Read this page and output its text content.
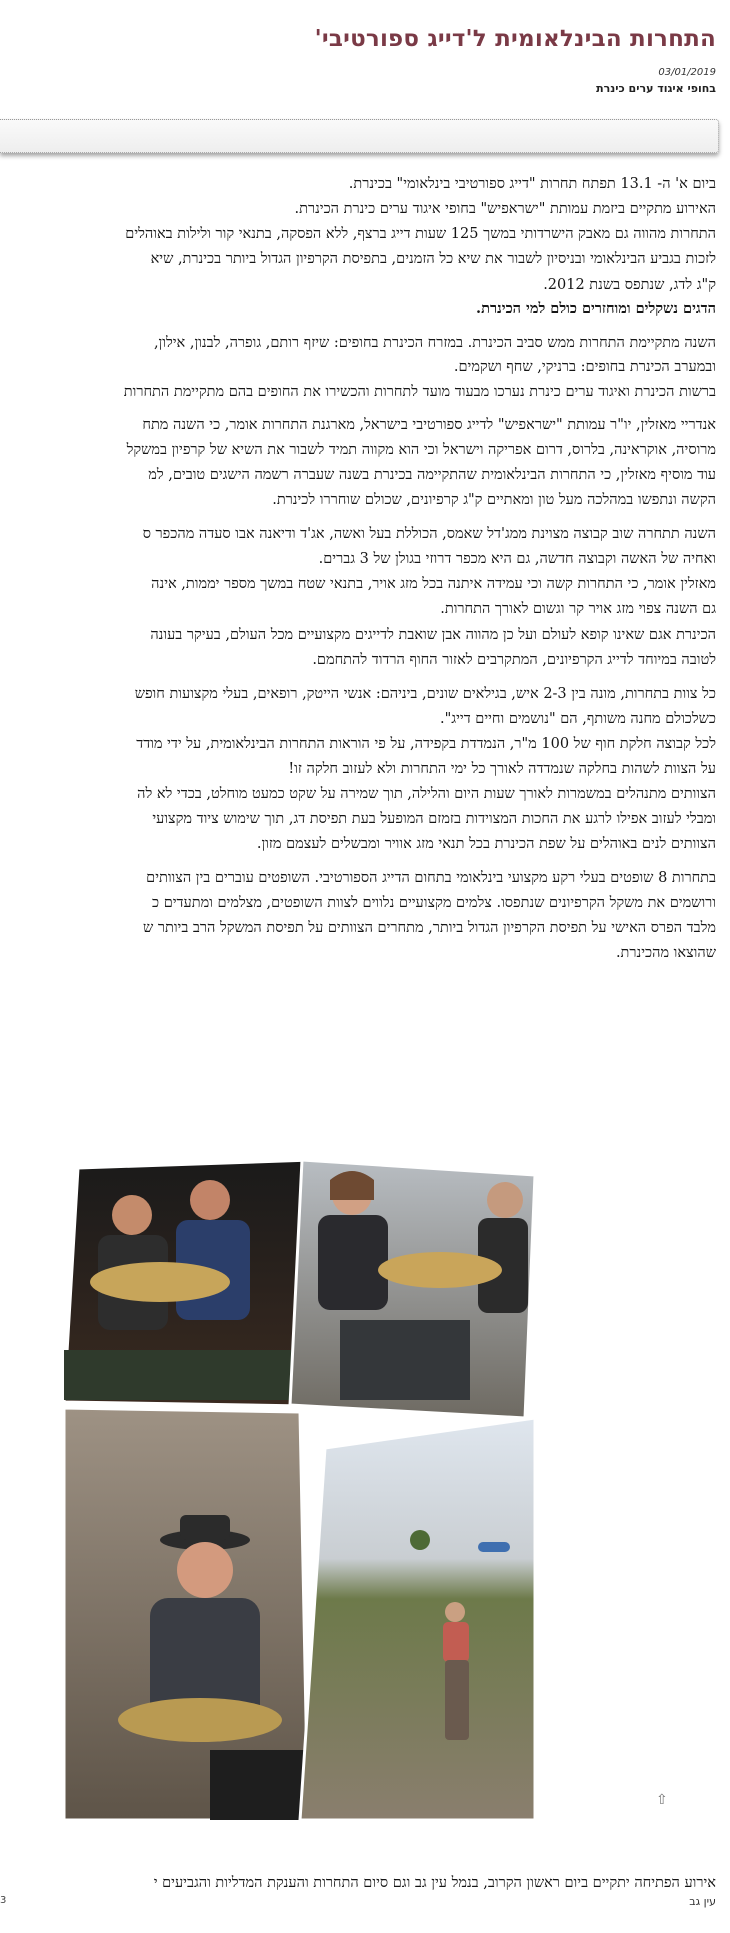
התחרות הבינלאומית ל'דייג ספורטיבי'
03/01/2019
בחופי איגוד ערים כינרת
ביום א' ה- 13.1 תפתח תחרות "דייג ספורטיבי בינלאומי" בכינרת.
האירוע מתקיים ביזמת עמותת "ישראפיש" בחופי איגוד ערים כינרת הכינרת.
התחרות מהווה גם מאבק הישרדותי במשך 125 שעות דייג ברצף, ללא הפסקה, בתנאי קור ולילות באוהלים
לזכות בגביע הבינלאומי ובניסיון לשבור את שיא כל הזמנים, בתפיסת הקרפיון הגדול ביותר בכינרת, שיא
ק"ג לדג, שנתפס בשנת 2012.
הדגים נשקלים ומוחזרים כולם למי הכינרת.
השנה מתקיימת התחרות ממש סביב הכינרת. במזרח הכינרת בחופים: שיזף רותם, גופרה, לבנון, אילון,
ובמערב הכינרת בחופים: ברניקי, שחף ושקמים.
ברשות הכינרת ואיגוד ערים כינרת נערכו מבעוד מועד לתחרות והכשירו את החופים בהם מתקיימת התחרות
אנדריי מאזלין, יו"ר עמותת "ישראפיש" לדייג ספורטיבי בישראל, מארגנת התחרות אומר, כי השנה מתח
מרוסיה, אוקראינה, בלרוס, דרום אפריקה וישראל וכי הוא מקווה תמיד לשבור את השיא של קרפיון במשקל
עוד מוסיף מאזלין, כי התחרות הבינלאומית שהתקיימה בכינרת בשנה שעברה רשמה הישגים טובים, למ
הקשה ונתפשו במהלכה מעל טון ומאתיים ק"ג קרפיונים, שכולם שוחררו לכינרת.
השנה תתחרה שוב קבוצה מצוינת ממג'דל שאמס, הכוללת בעל ואשה, אג'ד ודיאנה אבו סעדה מהכפר ס
ואחיה של האשה וקבוצה חדשה, גם היא מכפר דרוזי בגולן של 3 גברים.
מאזלין אומר, כי התחרות קשה וכי עמידה איתנה בכל מזג אויר, בתנאי שטח במשך מספר יממות, אינה
גם השנה צפוי מזג אויר קר וגשום לאורך התחרות.
הכינרת אגם שאינו קופא לעולם ועל כן מהווה אבן שואבת לדייגים מקצועיים מכל העולם, בעיקר בעונה
לטובה במיוחד לדייג הקרפיונים, המתקרבים לאזור החוף הרדוד להתחמם.
כל צוות בתחרות, מונה בין 2-3 איש, בגילאים שונים, ביניהם: אנשי הייטק, רופאים, בעלי מקצועות חופש
כשלכולם מחנה משותף, הם "נושמים וחיים דייג".
לכל קבוצה חלקת חוף של 100 מ"ר, הנמדדת בקפידה, על פי הוראות התחרות הבינלאומית, על ידי מודד
על הצוות לשהות בחלקה שנמדדה לאורך כל ימי התחרות ולא לעזוב חלקה זו!
הצוותים מתנהלים במשמרות לאורך שעות היום והלילה, תוך שמירה על שקט כמעט מוחלט, בכדי לא לה
ומבלי לעזוב אפילו לרגע את החכות המצוידות בזמזם המופעל בעת תפיסת דג, תוך שימוש ציוד מקצועי
הצוותים לנים באוהלים על שפת הכינרת בכל תנאי מזג אוויר ומבשלים לעצמם מזון.
בתחרות 8 שופטים בעלי רקע מקצועי בינלאומי בתחום הדייג הספורטיבי. השופטים עוברים בין הצוותים
ורושמים את משקל הקרפיונים שנתפסו. צלמים מקצועיים נלווים לצוות השופטים, מצלמים ומתעדים כ
מלבד הפרס האישי על תפיסת הקרפיון הגדול ביותר, מתחרים הצוותים על תפיסת המשקל הרב ביותר ש
שהוצאו מהכינרת.
אירוע הפתיחה יתקיים ביום ראשון הקרוב, בנמל עין גב וגם סיום התחרות והענקת המדליות והגביעים י
⇧
3	עין גב
